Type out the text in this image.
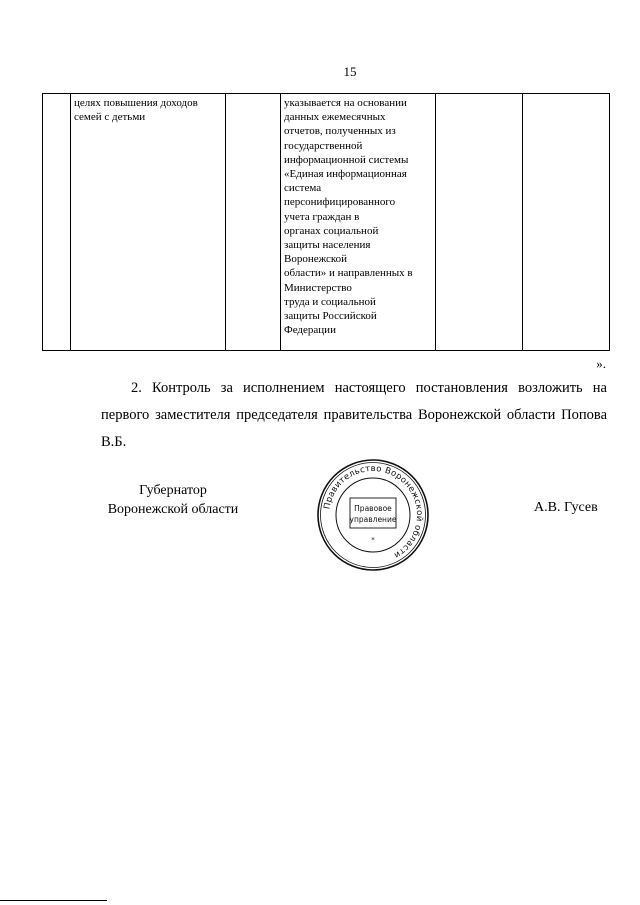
15
	целях повышения доходов
семей с детьми		указывается на основании
данных ежемесячных
отчетов, полученных из
государственной
информационной системы
«Единая информационная
система
персонифицированного
учета граждан в
органах социальной
защиты населения
Воронежской
области» и направленных в
Министерство
труда и социальной
защиты Российской
Федерации		
».
2. Контроль за исполнением настоящего постановления возложить на первого заместителя председателя правительства Воронежской области Попова В.Б.
Губернатор
Воронежской области	Правительство Воронежской области
Правовое
управление
*
А.В. Гусев
